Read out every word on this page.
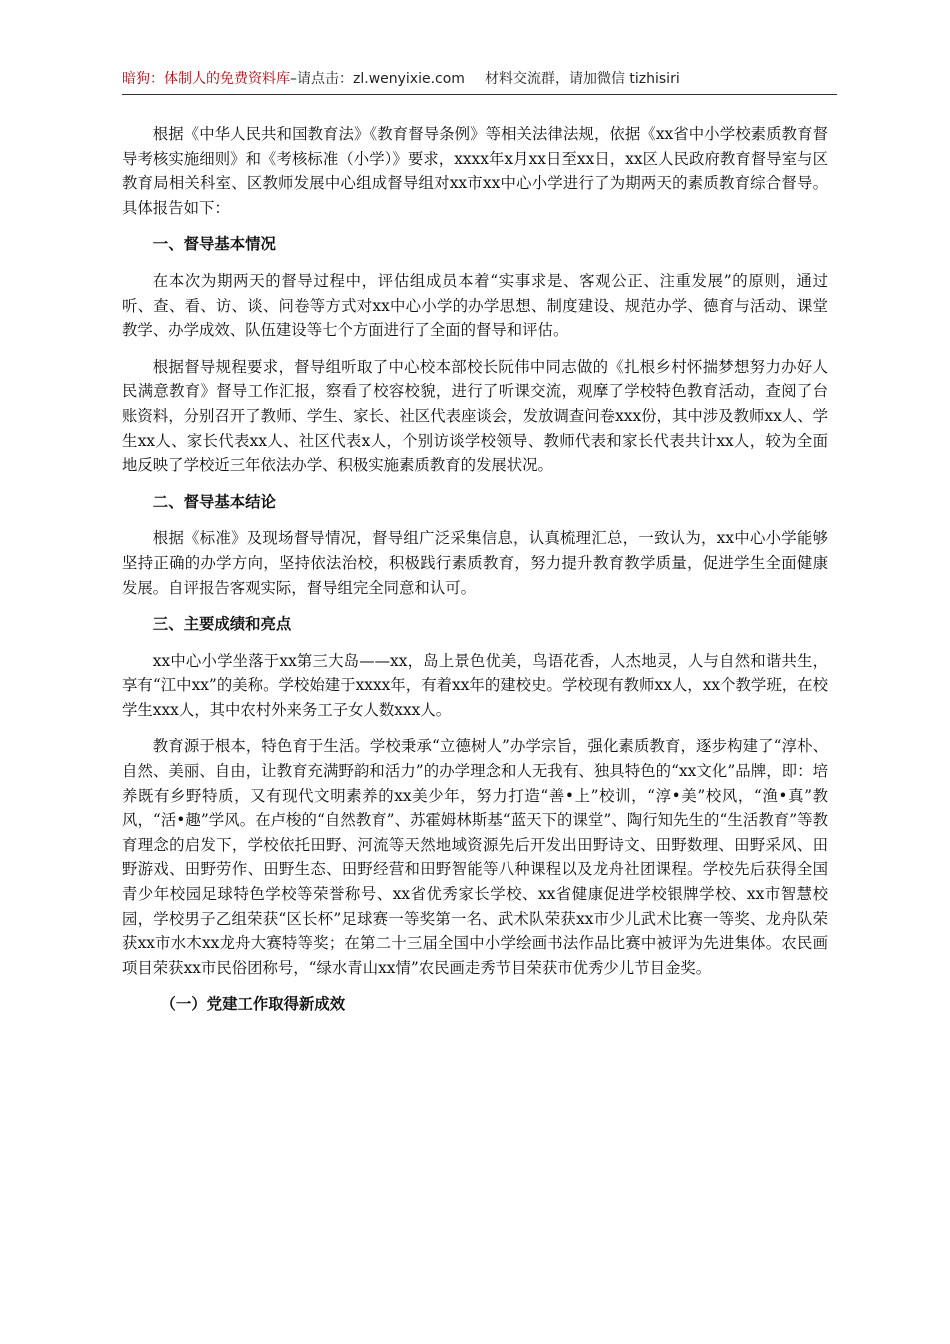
暗狗：体制人的免费资料库–请点击：zl.wenyixie.com 材料交流群，请加微信 tizhisiri

根据《中华人民共和国教育法》《教育督导条例》等相关法律法规，依据《xx省中小学校素质教育督导考核实施细则》和《考核标准（小学）》要求，xxxx年x月xx日至xx日，xx区人民政府教育督导室与区教育局相关科室、区教师发展中心组成督导组对xx市xx中心小学进行了为期两天的素质教育综合督导。具体报告如下：

一、督导基本情况

在本次为期两天的督导过程中，评估组成员本着“实事求是、客观公正、注重发展”的原则，通过听、查、看、访、谈、问卷等方式对xx中心小学的办学思想、制度建设、规范办学、德育与活动、课堂教学、办学成效、队伍建设等七个方面进行了全面的督导和评估。

根据督导规程要求，督导组听取了中心校本部校长阮伟中同志做的《扎根乡村怀揣梦想努力办好人民满意教育》督导工作汇报，察看了校容校貌，进行了听课交流，观摩了学校特色教育活动，查阅了台账资料，分别召开了教师、学生、家长、社区代表座谈会，发放调查问卷xxx份，其中涉及教师xx人、学生xx人、家长代表xx人、社区代表x人，个别访谈学校领导、教师代表和家长代表共计xx人，较为全面地反映了学校近三年依法办学、积极实施素质教育的发展状况。

二、督导基本结论

根据《标准》及现场督导情况，督导组广泛采集信息，认真梳理汇总，一致认为，xx中心小学能够坚持正确的办学方向，坚持依法治校，积极践行素质教育，努力提升教育教学质量，促进学生全面健康发展。自评报告客观实际，督导组完全同意和认可。

三、主要成绩和亮点

xx中心小学坐落于xx第三大岛——xx，岛上景色优美，鸟语花香，人杰地灵，人与自然和谐共生，享有“江中xx”的美称。学校始建于xxxx年，有着xx年的建校史。学校现有教师xx人，xx个教学班，在校学生xxx人，其中农村外来务工子女人数xxx人。

教育源于根本，特色育于生活。学校秉承“立德树人”办学宗旨，强化素质教育，逐步构建了“淳朴、自然、美丽、自由，让教育充满野韵和活力”的办学理念和人无我有、独具特色的“xx文化”品牌，即：培养既有乡野特质，又有现代文明素养的xx美少年，努力打造“善•上”校训，“淳•美”校风，“渔•真”教风，“活•趣”学风。在卢梭的“自然教育”、苏霍姆林斯基“蓝天下的课堂”、陶行知先生的“生活教育”等教育理念的启发下，学校依托田野、河流等天然地域资源先后开发出田野诗文、田野数理、田野采风、田野游戏、田野劳作、田野生态、田野经营和田野智能等八种课程以及龙舟社团课程。学校先后获得全国青少年校园足球特色学校等荣誉称号、xx省优秀家长学校、xx省健康促进学校银牌学校、xx市智慧校园，学校男子乙组荣获“区长杯”足球赛一等奖第一名、武术队荣获xx市少儿武术比赛一等奖、龙舟队荣获xx市水木xx龙舟大赛特等奖；在第二十三届全国中小学绘画书法作品比赛中被评为先进集体。农民画项目荣获xx市民俗团称号，“绿水青山xx情”农民画走秀节目荣获市优秀少儿节目金奖。

（一）党建工作取得新成效
